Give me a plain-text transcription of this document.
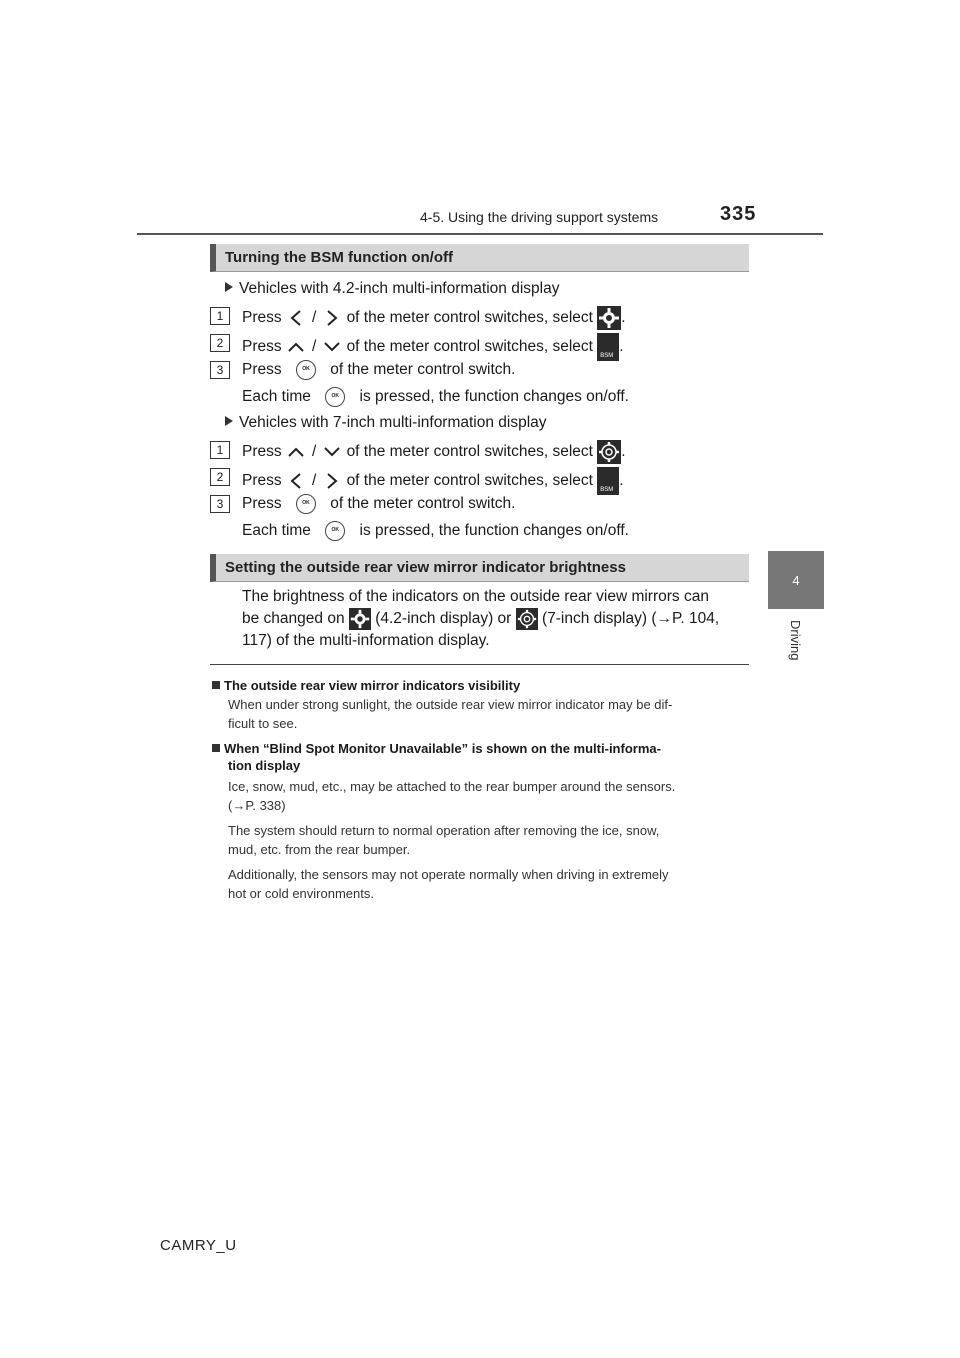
4-5. Using the driving support systems	335
4
Driving
Turning the BSM function on/off
Vehicles with 4.2-inch multi-information display
1	Press / of the meter control switches, select .
2	Press / of the meter control switches, select
BSM
.
3	Press	OK of the meter control switch.
Each time	OK is pressed, the function changes on/off.
Vehicles with 7-inch multi-information display
1	Press / of the meter control switches, select .
2	Press / of the meter control switches, select
BSM
.
3	Press	OK of the meter control switch.
Each time	OK is pressed, the function changes on/off.
Setting the outside rear view mirror indicator brightness
The brightness of the indicators on the outside rear view mirrors can
be changed on (4.2-inch display) or (7-inch display) (→P. 104,
117) of the multi-information display.
The outside rear view mirror indicators visibility
When under strong sunlight, the outside rear view mirror indicator may be dif-
ficult to see.
When “Blind Spot Monitor Unavailable” is shown on the multi-informa-
tion display
Ice, snow, mud, etc., may be attached to the rear bumper around the sensors.
(→P. 338)
The system should return to normal operation after removing the ice, snow,
mud, etc. from the rear bumper.
Additionally, the sensors may not operate normally when driving in extremely
hot or cold environments.
CAMRY_U
